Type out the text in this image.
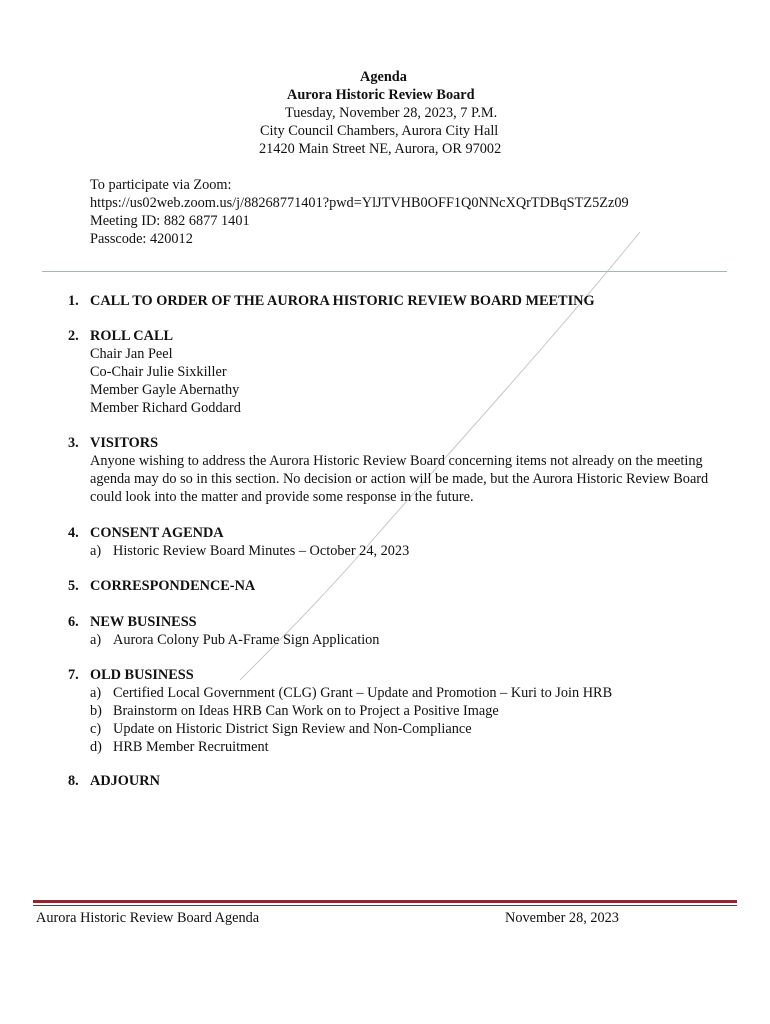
Agenda
Aurora Historic Review Board
Tuesday, November 28, 2023, 7 P.M.
City Council Chambers, Aurora City Hall
21420 Main Street NE, Aurora, OR 97002
To participate via Zoom:
https://us02web.zoom.us/j/88268771401?pwd=YlJTVHB0OFF1Q0NNcXQrTDBqSTZ5Zz09
Meeting ID: 882 6877 1401
Passcode: 420012
1. CALL TO ORDER OF THE AURORA HISTORIC REVIEW BOARD MEETING
2. ROLL CALL
Chair Jan Peel
Co-Chair Julie Sixkiller
Member Gayle Abernathy
Member Richard Goddard
3. VISITORS
Anyone wishing to address the Aurora Historic Review Board concerning items not already on the meeting agenda may do so in this section. No decision or action will be made, but the Aurora Historic Review Board could look into the matter and provide some response in the future.
4. CONSENT AGENDA
a) Historic Review Board Minutes – October 24, 2023
5. CORRESPONDENCE-NA
6. NEW BUSINESS
a) Aurora Colony Pub A-Frame Sign Application
7. OLD BUSINESS
a) Certified Local Government (CLG) Grant – Update and Promotion – Kuri to Join HRB
b) Brainstorm on Ideas HRB Can Work on to Project a Positive Image
c) Update on Historic District Sign Review and Non-Compliance
d) HRB Member Recruitment
8. ADJOURN
Aurora Historic Review Board Agenda	November 28, 2023
